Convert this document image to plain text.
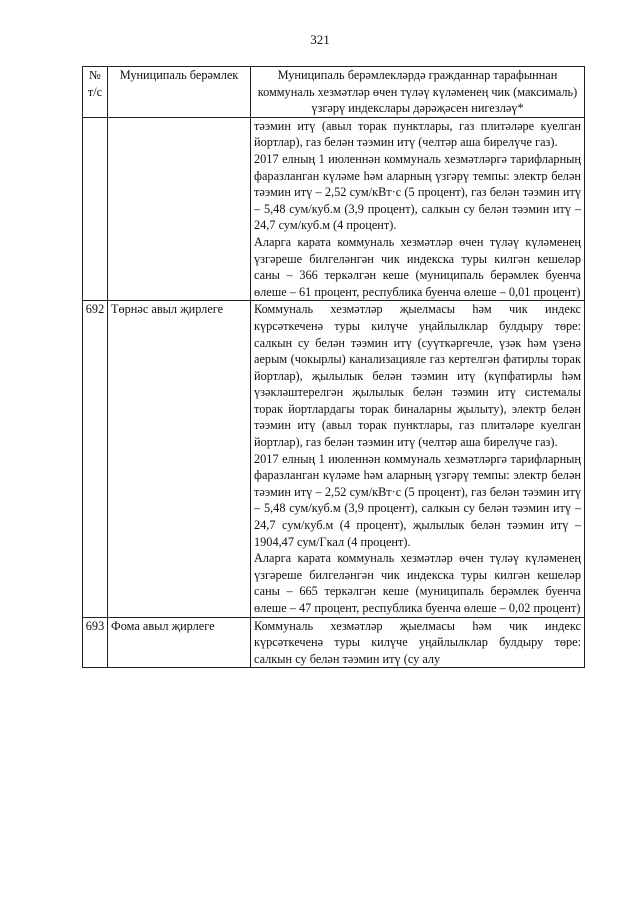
321
№ т/с	Муниципаль берәмлек	Муниципаль берәмлекләрдә гражданнар тарафыннан коммуналь хезмәтләр өчен түләү күләменең чик (максималь) үзгәрү индекслары дәрәҗәсен нигезләү*

		тәэмин итү (авыл торак пунктлары, газ плитәләре куелган йортлар), газ белән тәэмин итү (челтәр аша бирелүче газ).

2017 елның 1 июленнән коммуналь хезмәтләргә тарифларның фаразланган күләме һәм аларның үзгәрү темпы: электр белән тәэмин итү – 2,52 сум/кВт·с (5 процент), газ белән тәэмин итү – 5,48 сум/куб.м (3,9 процент), салкын су белән тәэмин итү – 24,7 сум/куб.м (4 процент).

Аларга карата коммуналь хезмәтләр өчен түләү күләменең үзгәреше билгеләнгән чик индекска туры килгән кешеләр саны – 366 теркәлгән кеше (муниципаль берәмлек буенча өлеше – 61 процент, республика буенча өлеше – 0,01 процент)

692	Төрнәс авыл җирлеге	Коммуналь хезмәтләр җыелмасы һәм чик индекс күрсәткеченә туры килүче уңайлылклар булдыру төре: салкын су белән тәэмин итү (суүткәргечле, үзәк һәм үзенә аерым (чокырлы) канализацияле газ кертелгән фатирлы торак йортлар), җылылык белән тәэмин итү (күпфатирлы һәм үзәкләштерелгән җылылык белән тәэмин итү системалы торак йортлардагы торак биналарны җылыту), электр белән тәэмин итү (авыл торак пунктлары, газ плитәләре куелган йортлар), газ белән тәэмин итү (челтәр аша бирелүче газ).

2017 елның 1 июленнән коммуналь хезмәтләргә тарифларның фаразланган күләме һәм аларның үзгәрү темпы: электр белән тәэмин итү – 2,52 сум/кВт·с (5 процент), газ белән тәэмин итү – 5,48 сум/куб.м (3,9 процент), салкын су белән тәэмин итү – 24,7 сум/куб.м (4 процент), җылылык белән тәэмин итү – 1904,47 сум/Гкал (4 процент).

Аларга карата коммуналь хезмәтләр өчен түләү күләменең үзгәреше билгеләнгән чик индекска туры килгән кешеләр саны – 665 теркәлгән кеше (муниципаль берәмлек буенча өлеше – 47 процент, республика буенча өлеше – 0,02 процент)

693	Фома авыл җирлеге	Коммуналь хезмәтләр җыелмасы һәм чик индекс күрсәткеченә туры килүче уңайлылклар булдыру төре: салкын су белән тәэмин итү (су алу
